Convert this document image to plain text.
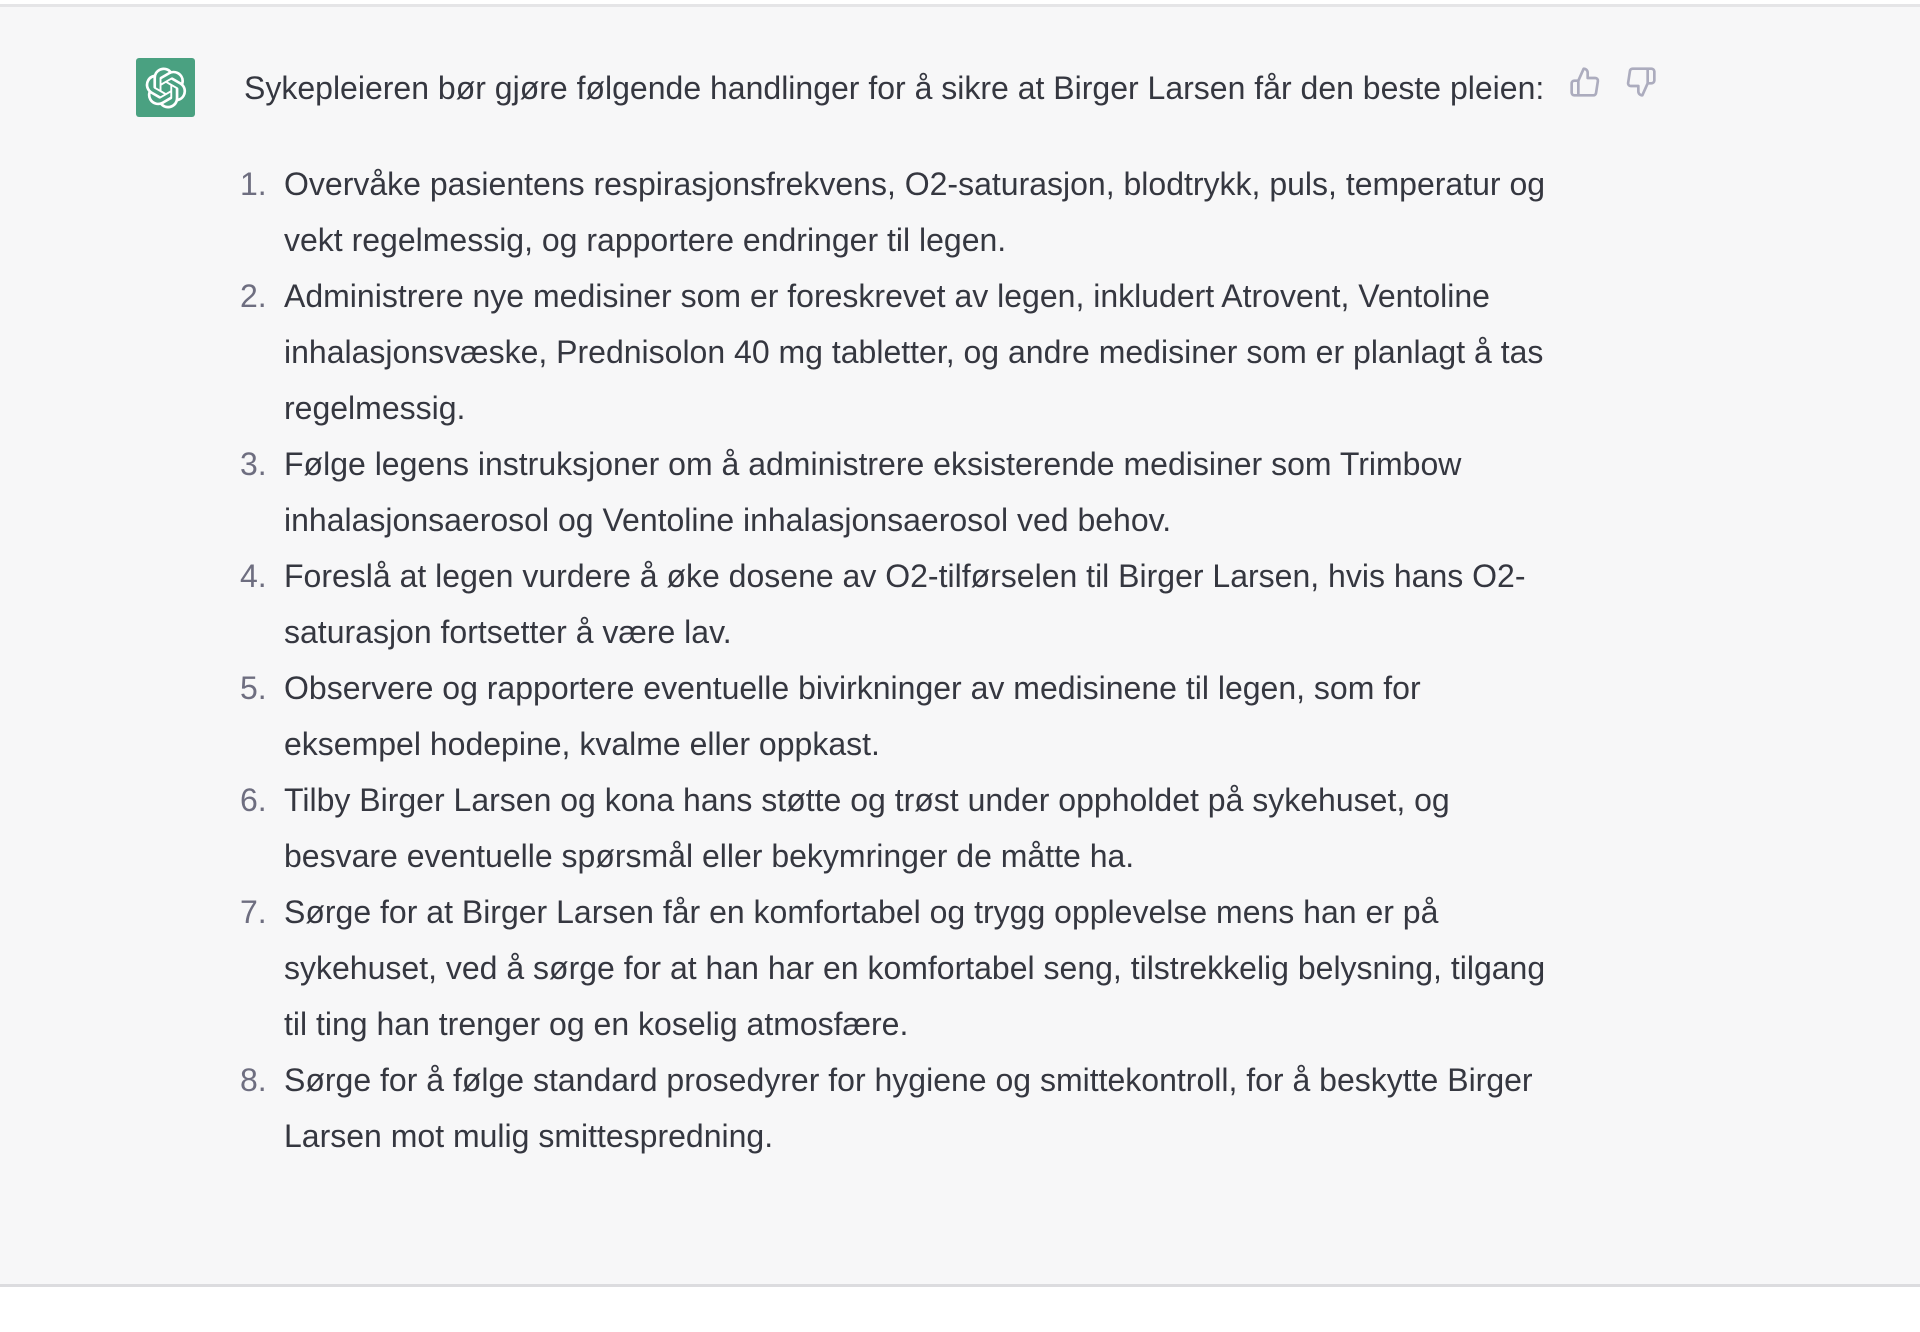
Sykepleieren bør gjøre følgende handlinger for å sikre at Birger Larsen får den beste pleien:

1. Overvåke pasientens respirasjonsfrekvens, O2-saturasjon, blodtrykk, puls, temperatur og vekt regelmessig, og rapportere endringer til legen.
2. Administrere nye medisiner som er foreskrevet av legen, inkludert Atrovent, Ventoline inhalasjonsvæske, Prednisolon 40 mg tabletter, og andre medisiner som er planlagt å tas regelmessig.
3. Følge legens instruksjoner om å administrere eksisterende medisiner som Trimbow inhalasjonsaerosol og Ventoline inhalasjonsaerosol ved behov.
4. Foreslå at legen vurdere å øke dosene av O2-tilførselen til Birger Larsen, hvis hans O2-saturasjon fortsetter å være lav.
5. Observere og rapportere eventuelle bivirkninger av medisinene til legen, som for eksempel hodepine, kvalme eller oppkast.
6. Tilby Birger Larsen og kona hans støtte og trøst under oppholdet på sykehuset, og besvare eventuelle spørsmål eller bekymringer de måtte ha.
7. Sørge for at Birger Larsen får en komfortabel og trygg opplevelse mens han er på sykehuset, ved å sørge for at han har en komfortabel seng, tilstrekkelig belysning, tilgang til ting han trenger og en koselig atmosfære.
8. Sørge for å følge standard prosedyrer for hygiene og smittekontroll, for å beskytte Birger Larsen mot mulig smittespredning.
